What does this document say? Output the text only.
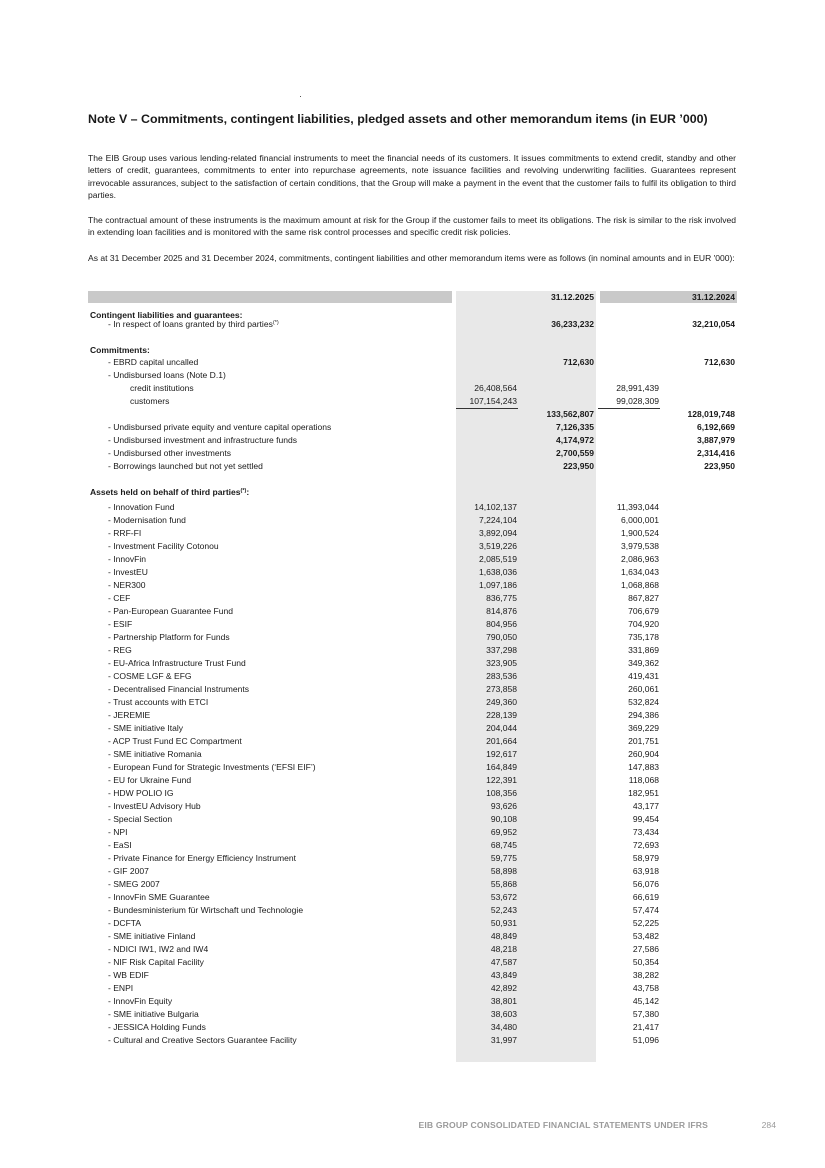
Note V – Commitments, contingent liabilities, pledged assets and other memorandum items (in EUR ’000)

The EIB Group uses various lending-related financial instruments to meet the financial needs of its customers. It issues commitments to extend credit, standby and other letters of credit, guarantees, commitments to enter into repurchase agreements, note issuance facilities and revolving underwriting facilities. Guarantees represent irrevocable assurances, subject to the satisfaction of certain conditions, that the Group will make a payment in the event that the customer fails to fulfil its obligation to third parties.

The contractual amount of these instruments is the maximum amount at risk for the Group if the customer fails to meet its obligations. The risk is similar to the risk involved in extending loan facilities and is monitored with the same risk control processes and specific credit risk policies.

As at 31 December 2025 and 31 December 2024, commitments, contingent liabilities and other memorandum items were as follows (in nominal amounts and in EUR '000):

31.12.2025	31.12.2024
Contingent liabilities and guarantees:
- In respect of loans granted by third parties(*)	36,233,232	32,210,054
Commitments:
- EBRD capital uncalled	712,630	712,630
- Undisbursed loans (Note D.1)
credit institutions	26,408,564	28,991,439
customers	107,154,243	99,028,309
133,562,807	128,019,748
- Undisbursed private equity and venture capital operations	7,126,335	6,192,669
- Undisbursed investment and infrastructure funds	4,174,972	3,887,979
- Undisbursed other investments	2,700,559	2,314,416
- Borrowings launched but not yet settled	223,950	223,950
Assets held on behalf of third parties(*):
- Innovation Fund	14,102,137	11,393,044
- Modernisation fund	7,224,104	6,000,001
- RRF-FI	3,892,094	1,900,524
- Investment Facility Cotonou	3,519,226	3,979,538
- InnovFin	2,085,519	2,086,963
- InvestEU	1,638,036	1,634,043
- NER300	1,097,186	1,068,868
- CEF	836,775	867,827
- Pan-European Guarantee Fund	814,876	706,679
- ESIF	804,956	704,920
- Partnership Platform for Funds	790,050	735,178
- REG	337,298	331,869
- EU-Africa Infrastructure Trust Fund	323,905	349,362
- COSME LGF & EFG	283,536	419,431
- Decentralised Financial Instruments	273,858	260,061
- Trust accounts with ETCI	249,360	532,824
- JEREMIE	228,139	294,386
- SME initiative Italy	204,044	369,229
- ACP Trust Fund EC Compartment	201,664	201,751
- SME initiative Romania	192,617	260,904
- European Fund for Strategic Investments (‘EFSI EIF’)	164,849	147,883
- EU for Ukraine Fund	122,391	118,068
- HDW POLIO IG	108,356	182,951
- InvestEU Advisory Hub	93,626	43,177
- Special Section	90,108	99,454
- NPI	69,952	73,434
- EaSI	68,745	72,693
- Private Finance for Energy Efficiency Instrument	59,775	58,979
- GIF 2007	58,898	63,918
- SMEG 2007	55,868	56,076
- InnovFin SME Guarantee	53,672	66,619
- Bundesministerium für Wirtschaft und Technologie	52,243	57,474
- DCFTA	50,931	52,225
- SME initiative Finland	48,849	53,482
- NDICI IW1, IW2 and IW4	48,218	27,586
- NIF Risk Capital Facility	47,587	50,354
- WB EDIF	43,849	38,282
- ENPI	42,892	43,758
- InnovFin Equity	38,801	45,142
- SME initiative Bulgaria	38,603	57,380
- JESSICA Holding Funds	34,480	21,417
- Cultural and Creative Sectors Guarantee Facility	31,997	51,096
EIB GROUP CONSOLIDATED FINANCIAL STATEMENTS UNDER IFRS	284
